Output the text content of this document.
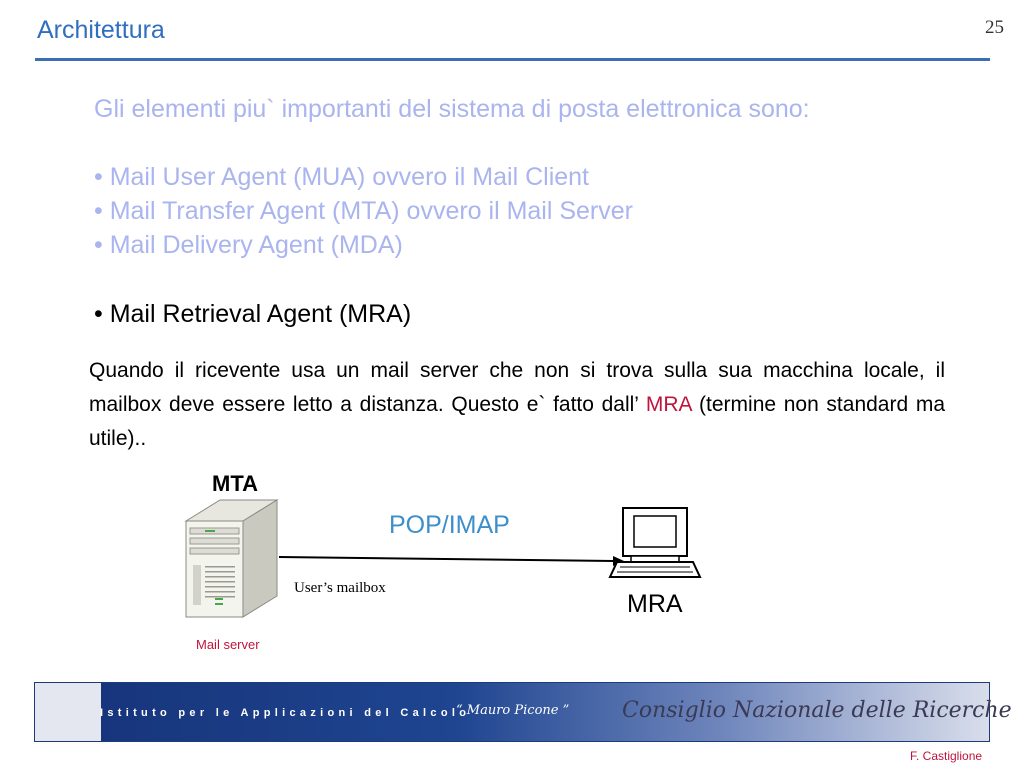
Architettura	25
Gli elementi piu` importanti del sistema di posta elettronica sono:
• Mail User Agent (MUA) ovvero il Mail Client
• Mail Transfer Agent (MTA) ovvero il Mail Server
• Mail Delivery Agent (MDA)
• Mail Retrieval Agent (MRA)
Quando il ricevente usa un mail server che non si trova sulla sua macchina locale, il mailbox deve essere letto a distanza. Questo e` fatto dall’ MRA (termine non standard ma utile)..
MTA
POP/IMAP
User’s mailbox
MRA
Mail server
Istituto per le Applicazioni del Calcolo
“ Mauro Picone ” Consiglio Nazionale delle Ricerche
F. Castiglione
